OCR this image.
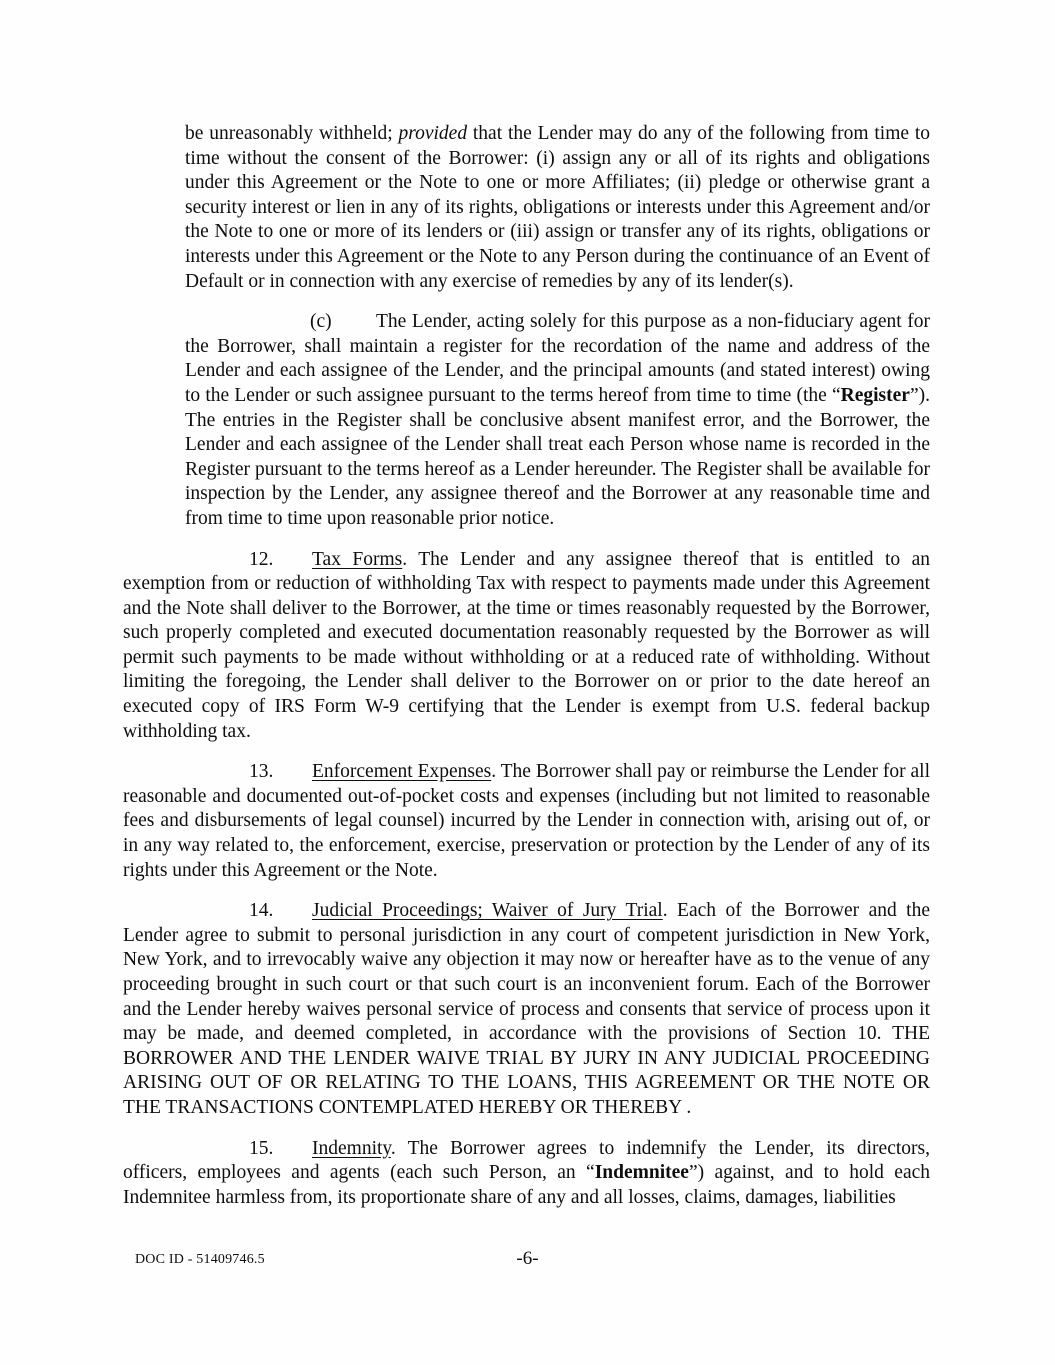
be unreasonably withheld; provided that the Lender may do any of the following from time to time without the consent of the Borrower: (i) assign any or all of its rights and obligations under this Agreement or the Note to one or more Affiliates; (ii) pledge or otherwise grant a security interest or lien in any of its rights, obligations or interests under this Agreement and/or the Note to one or more of its lenders or (iii) assign or transfer any of its rights, obligations or interests under this Agreement or the Note to any Person during the continuance of an Event of Default or in connection with any exercise of remedies by any of its lender(s).

(c) The Lender, acting solely for this purpose as a non-fiduciary agent for the Borrower, shall maintain a register for the recordation of the name and address of the Lender and each assignee of the Lender, and the principal amounts (and stated interest) owing to the Lender or such assignee pursuant to the terms hereof from time to time (the “Register”). The entries in the Register shall be conclusive absent manifest error, and the Borrower, the Lender and each assignee of the Lender shall treat each Person whose name is recorded in the Register pursuant to the terms hereof as a Lender hereunder. The Register shall be available for inspection by the Lender, any assignee thereof and the Borrower at any reasonable time and from time to time upon reasonable prior notice.

12. Tax Forms. The Lender and any assignee thereof that is entitled to an exemption from or reduction of withholding Tax with respect to payments made under this Agreement and the Note shall deliver to the Borrower, at the time or times reasonably requested by the Borrower, such properly completed and executed documentation reasonably requested by the Borrower as will permit such payments to be made without withholding or at a reduced rate of withholding. Without limiting the foregoing, the Lender shall deliver to the Borrower on or prior to the date hereof an executed copy of IRS Form W-9 certifying that the Lender is exempt from U.S. federal backup withholding tax.

13. Enforcement Expenses. The Borrower shall pay or reimburse the Lender for all reasonable and documented out-of-pocket costs and expenses (including but not limited to reasonable fees and disbursements of legal counsel) incurred by the Lender in connection with, arising out of, or in any way related to, the enforcement, exercise, preservation or protection by the Lender of any of its rights under this Agreement or the Note.

14. Judicial Proceedings; Waiver of Jury Trial. Each of the Borrower and the Lender agree to submit to personal jurisdiction in any court of competent jurisdiction in New York, New York, and to irrevocably waive any objection it may now or hereafter have as to the venue of any proceeding brought in such court or that such court is an inconvenient forum. Each of the Borrower and the Lender hereby waives personal service of process and consents that service of process upon it may be made, and deemed completed, in accordance with the provisions of Section 10. THE BORROWER AND THE LENDER WAIVE TRIAL BY JURY IN ANY JUDICIAL PROCEEDING ARISING OUT OF OR RELATING TO THE LOANS, THIS AGREEMENT OR THE NOTE OR THE TRANSACTIONS CONTEMPLATED HEREBY OR THEREBY .

15. Indemnity. The Borrower agrees to indemnify the Lender, its directors, officers, employees and agents (each such Person, an “Indemnitee”) against, and to hold each Indemnitee harmless from, its proportionate share of any and all losses, claims, damages, liabilities

DOC ID - 51409746.5	-6-
